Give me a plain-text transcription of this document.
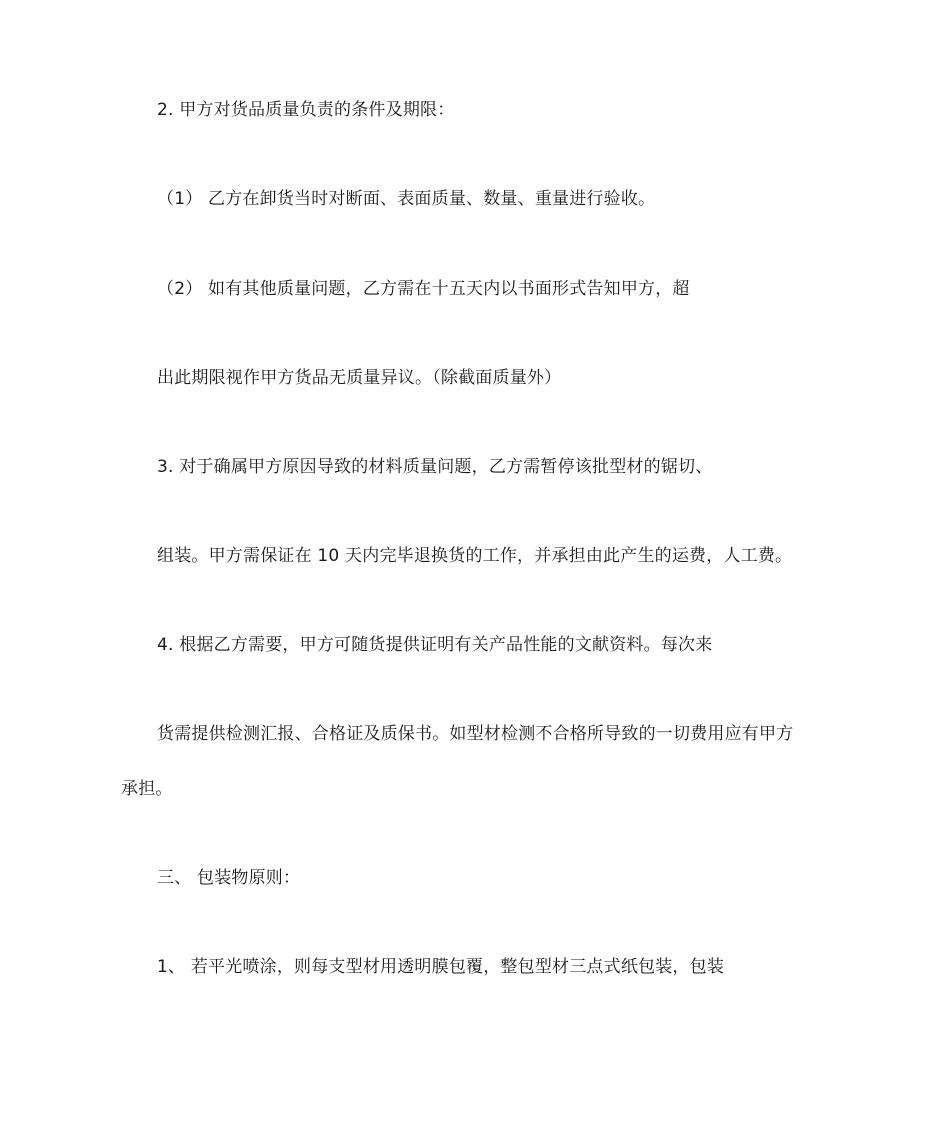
2. 甲方对货品质量负责的条件及期限：
（1） 乙方在卸货当时对断面、表面质量、数量、重量进行验收。
（2） 如有其他质量问题，乙方需在十五天内以书面形式告知甲方，超
出此期限视作甲方货品无质量异议。（除截面质量外）
3. 对于确属甲方原因导致的材料质量问题，乙方需暂停该批型材的锯切、
组装。甲方需保证在 10 天内完毕退换货的工作，并承担由此产生的运费，人工费。
4. 根据乙方需要，甲方可随货提供证明有关产品性能的文献资料。每次来
货需提供检测汇报、合格证及质保书。如型材检测不合格所导致的一切费用应有甲方
承担。
三、 包装物原则：
1、 若平光喷涂，则每支型材用透明膜包覆，整包型材三点式纸包装，包装
